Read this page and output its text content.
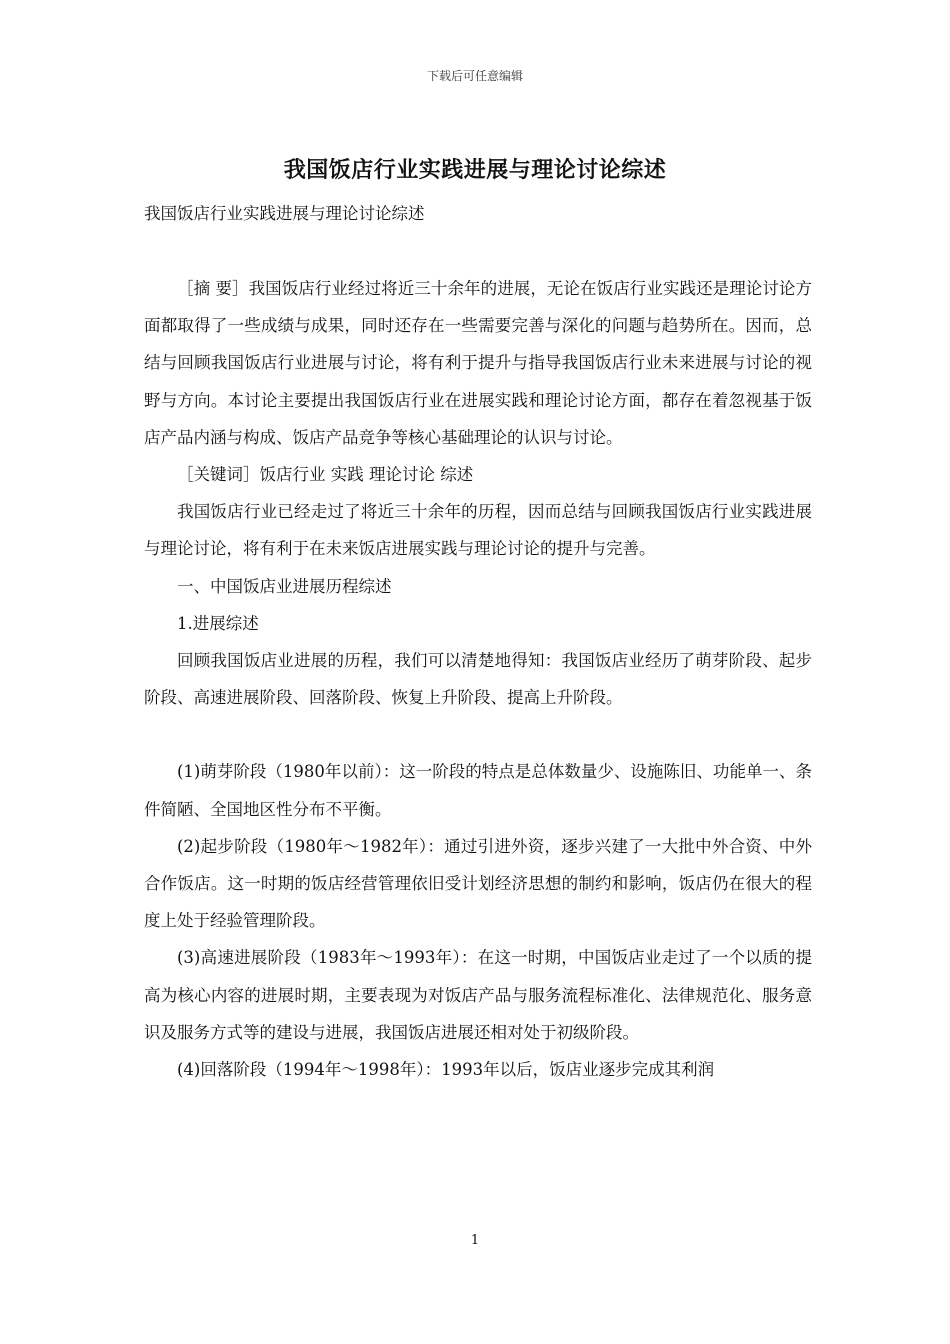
下载后可任意编辑
我国饭店行业实践进展与理论讨论综述
我国饭店行业实践进展与理论讨论综述

［摘 要］我国饭店行业经过将近三十余年的进展，无论在饭店行业实践还是理论讨论方面都取得了一些成绩与成果，同时还存在一些需要完善与深化的问题与趋势所在。因而，总结与回顾我国饭店行业进展与讨论，将有利于提升与指导我国饭店行业未来进展与讨论的视野与方向。本讨论主要提出我国饭店行业在进展实践和理论讨论方面，都存在着忽视基于饭店产品内涵与构成、饭店产品竞争等核心基础理论的认识与讨论。

［关键词］饭店行业 实践 理论讨论 综述

我国饭店行业已经走过了将近三十余年的历程，因而总结与回顾我国饭店行业实践进展与理论讨论，将有利于在未来饭店进展实践与理论讨论的提升与完善。

一、中国饭店业进展历程综述

1.进展综述

回顾我国饭店业进展的历程，我们可以清楚地得知：我国饭店业经历了萌芽阶段、起步阶段、高速进展阶段、回落阶段、恢复上升阶段、提高上升阶段。

(1)萌芽阶段（1980年以前）：这一阶段的特点是总体数量少、设施陈旧、功能单一、条件简陋、全国地区性分布不平衡。

(2)起步阶段（1980年～1982年）：通过引进外资，逐步兴建了一大批中外合资、中外合作饭店。这一时期的饭店经营管理依旧受计划经济思想的制约和影响，饭店仍在很大的程度上处于经验管理阶段。

(3)高速进展阶段（1983年～1993年）：在这一时期，中国饭店业走过了一个以质的提高为核心内容的进展时期，主要表现为对饭店产品与服务流程标准化、法律规范化、服务意识及服务方式等的建设与进展，我国饭店进展还相对处于初级阶段。

(4)回落阶段（1994年～1998年）：1993年以后，饭店业逐步完成其利润

1
